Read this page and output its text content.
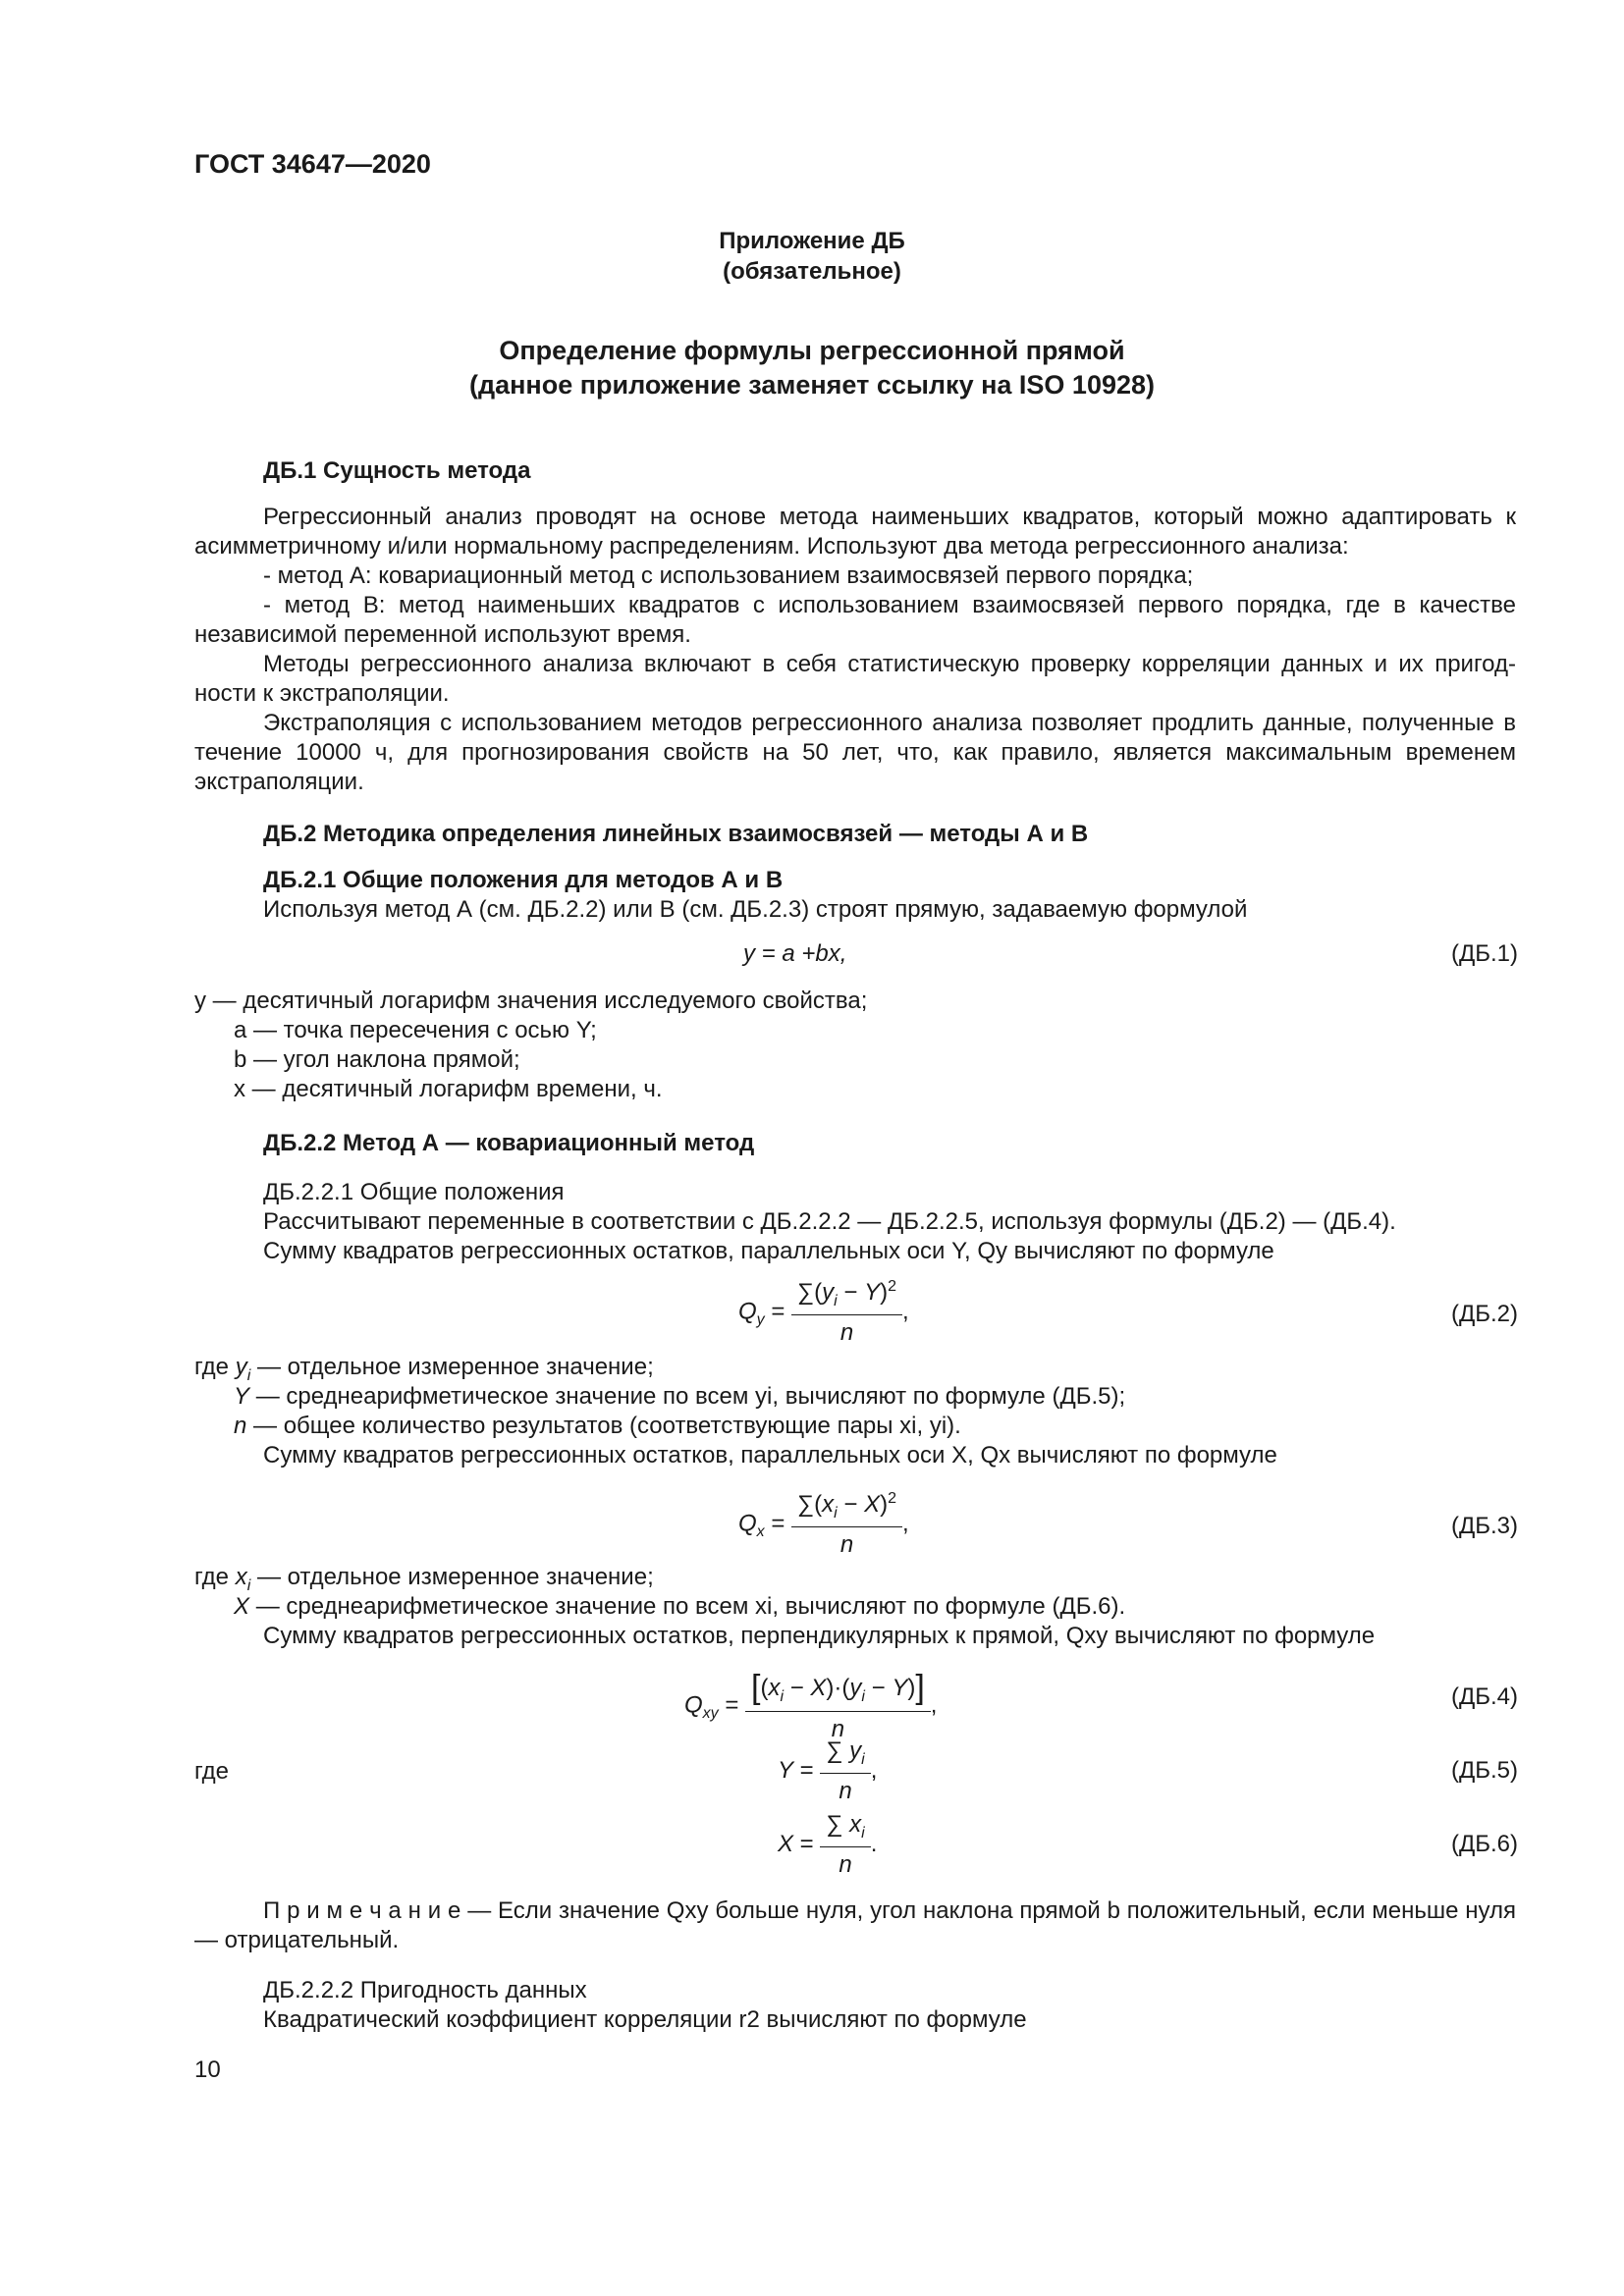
ГОСТ 34647—2020
Приложение ДБ
(обязательное)
Определение формулы регрессионной прямой
(данное приложение заменяет ссылку на ISO 10928)
ДБ.1 Сущность метода
Регрессионный анализ проводят на основе метода наименьших квадратов, который можно адаптировать к асимметричному и/или нормальному распределениям. Используют два метода регрессионного анализа:
- метод А: ковариационный метод с использованием взаимосвязей первого порядка;
- метод В: метод наименьших квадратов с использованием взаимосвязей первого порядка, где в качестве независимой переменной используют время.
Методы регрессионного анализа включают в себя статистическую проверку корреляции данных и их пригод-ности к экстраполяции.
Экстраполяция с использованием методов регрессионного анализа позволяет продлить данные, полученные в течение 10000 ч, для прогнозирования свойств на 50 лет, что, как правило, является максимальным временем экстраполяции.
ДБ.2 Методика определения линейных взаимосвязей — методы А и В
ДБ.2.1 Общие положения для методов А и В
Используя метод А (см. ДБ.2.2) или В (см. ДБ.2.3) строят прямую, задаваемую формулой
y = a +bx,	(ДБ.1)
y — десятичный логарифм значения исследуемого свойства;
a — точка пересечения с осью Y;
b — угол наклона прямой;
x — десятичный логарифм времени, ч.
ДБ.2.2 Метод А — ковариационный метод
ДБ.2.2.1 Общие положения
Рассчитывают переменные в соответствии с ДБ.2.2.2 — ДБ.2.2.5, используя формулы (ДБ.2) — (ДБ.4).
Сумму квадратов регрессионных остатков, параллельных оси Y, Qy вычисляют по формуле
$Q_y = \frac{\sum(y_i - Y)^2}{n}$ ,	(ДБ.2)
где $y_i$ — отдельное измеренное значение;
Y — среднеарифметическое значение по всем yi, вычисляют по формуле (ДБ.5);
n — общее количество результатов (соответствующие пары xi, yi).
Сумму квадратов регрессионных остатков, параллельных оси X, Qx вычисляют по формуле
$Q_x = \frac{\sum(x_i - X)^2}{n}$ ,	(ДБ.3)
где $x_i$ — отдельное измеренное значение;
X — среднеарифметическое значение по всем xi, вычисляют по формуле (ДБ.6).
Сумму квадратов регрессионных остатков, перпендикулярных к прямой, Qxy вычисляют по формуле
$Q_{xy} = \frac{[(x_i - X)\cdot(y_i - Y)]}{n}$ ,	(ДБ.4)
где	$Y = \frac{\sum y_i}{n}$ ,	(ДБ.5)
$X = \frac{\sum x_i}{n}$ .	(ДБ.6)
П р и м е ч а н и е — Если значение Qxy больше нуля, угол наклона прямой b положительный, если меньше нуля — отрицательный.
ДБ.2.2.2 Пригодность данных
Квадратический коэффициент корреляции r2 вычисляют по формуле
10
